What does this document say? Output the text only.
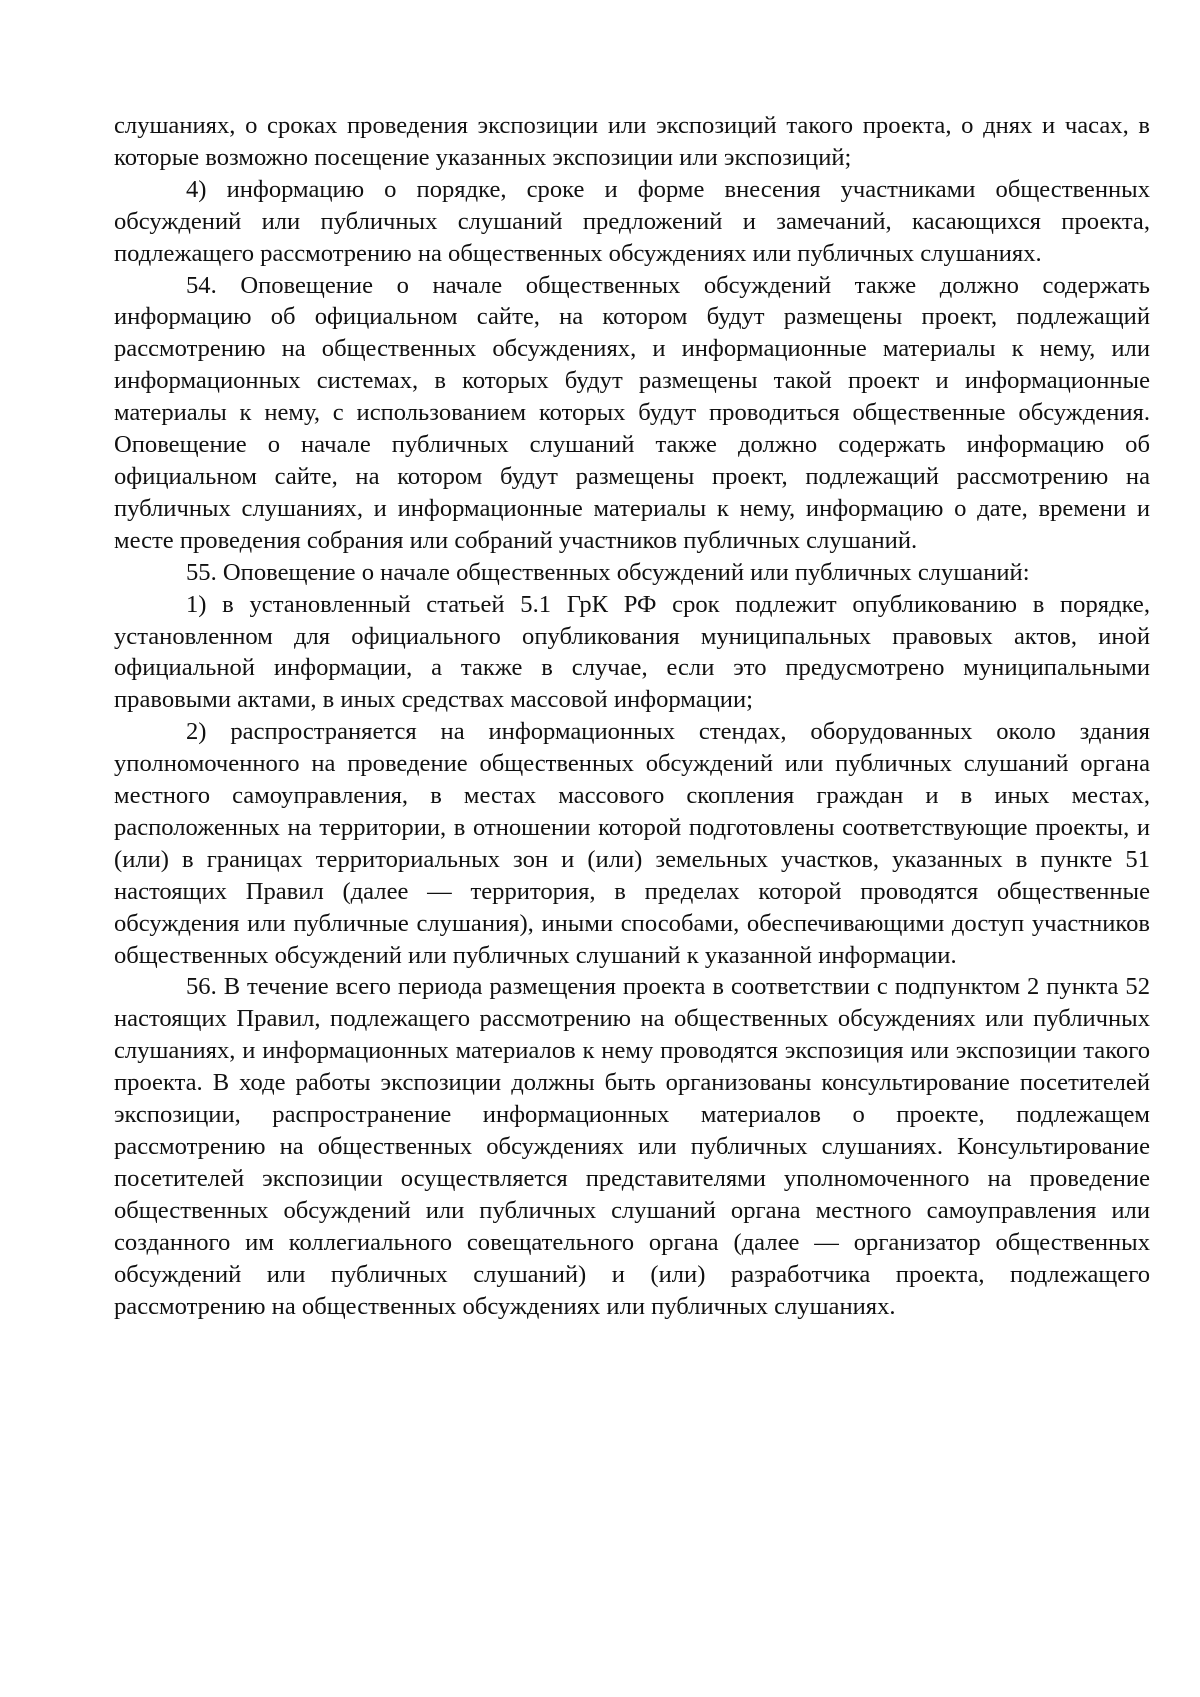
слушаниях, о сроках проведения экспозиции или экспозиций такого проекта, о днях и часах, в которые возможно посещение указанных экспозиции или экспозиций;

4) информацию о порядке, сроке и форме внесения участниками общественных обсуждений или публичных слушаний предложений и замечаний, касающихся проекта, подлежащего рассмотрению на общественных обсуждениях или публичных слушаниях.

54. Оповещение о начале общественных обсуждений также должно содержать информацию об официальном сайте, на котором будут размещены проект, подлежащий рассмотрению на общественных обсуждениях, и информационные материалы к нему, или информационных системах, в которых будут размещены такой проект и информационные материалы к нему, с использованием которых будут проводиться общественные обсуждения. Оповещение о начале публичных слушаний также должно содержать информацию об официальном сайте, на котором будут размещены проект, подлежащий рассмотрению на публичных слушаниях, и информационные материалы к нему, информацию о дате, времени и месте проведения собрания или собраний участников публичных слушаний.

55. Оповещение о начале общественных обсуждений или публичных слушаний:

1) в установленный статьей 5.1 ГрК РФ срок подлежит опубликованию в порядке, установленном для официального опубликования муниципальных правовых актов, иной официальной информации, а также в случае, если это предусмотрено муниципальными правовыми актами, в иных средствах массовой информации;

2) распространяется на информационных стендах, оборудованных около здания уполномоченного на проведение общественных обсуждений или публичных слушаний органа местного самоуправления, в местах массового скопления граждан и в иных местах, расположенных на территории, в отношении которой подготовлены соответствующие проекты, и (или) в границах территориальных зон и (или) земельных участков, указанных в пункте 51 настоящих Правил (далее — территория, в пределах которой проводятся общественные обсуждения или публичные слушания), иными способами, обеспечивающими доступ участников общественных обсуждений или публичных слушаний к указанной информации.

56. В течение всего периода размещения проекта в соответствии с подпунктом 2 пункта 52 настоящих Правил, подлежащего рассмотрению на общественных обсуждениях или публичных слушаниях, и информационных материалов к нему проводятся экспозиция или экспозиции такого проекта. В ходе работы экспозиции должны быть организованы консультирование посетителей экспозиции, распространение информационных материалов о проекте, подлежащем рассмотрению на общественных обсуждениях или публичных слушаниях. Консультирование посетителей экспозиции осуществляется представителями уполномоченного на проведение общественных обсуждений или публичных слушаний органа местного самоуправления или созданного им коллегиального совещательного органа (далее — организатор общественных обсуждений или публичных слушаний) и (или) разработчика проекта, подлежащего рассмотрению на общественных обсуждениях или публичных слушаниях.
